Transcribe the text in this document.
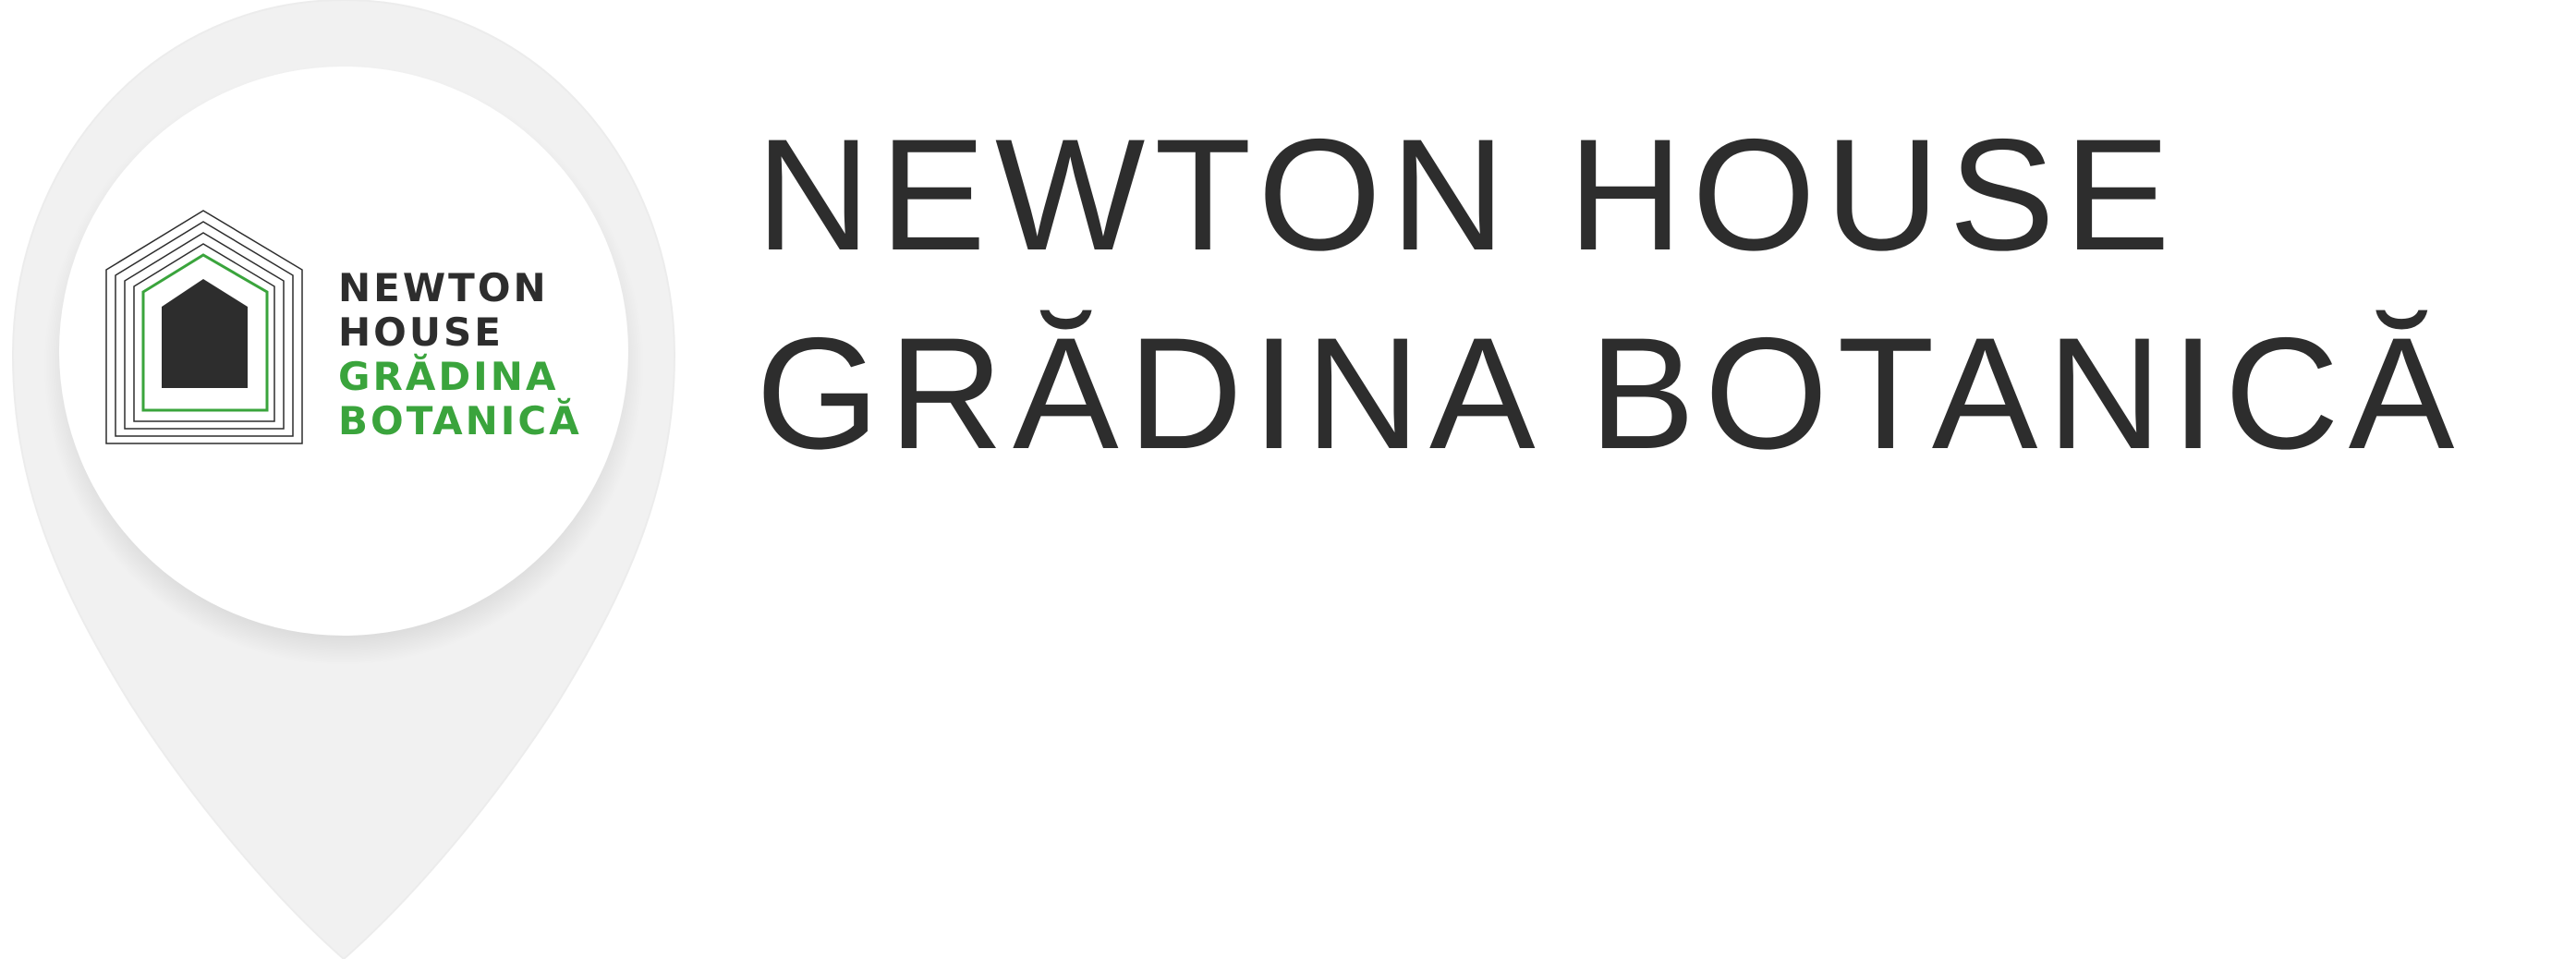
NEWTON
HOUSE
GRĂDINA
BOTANICĂ
NEWTON HOUSE
GRĂDINA BOTANICĂ
